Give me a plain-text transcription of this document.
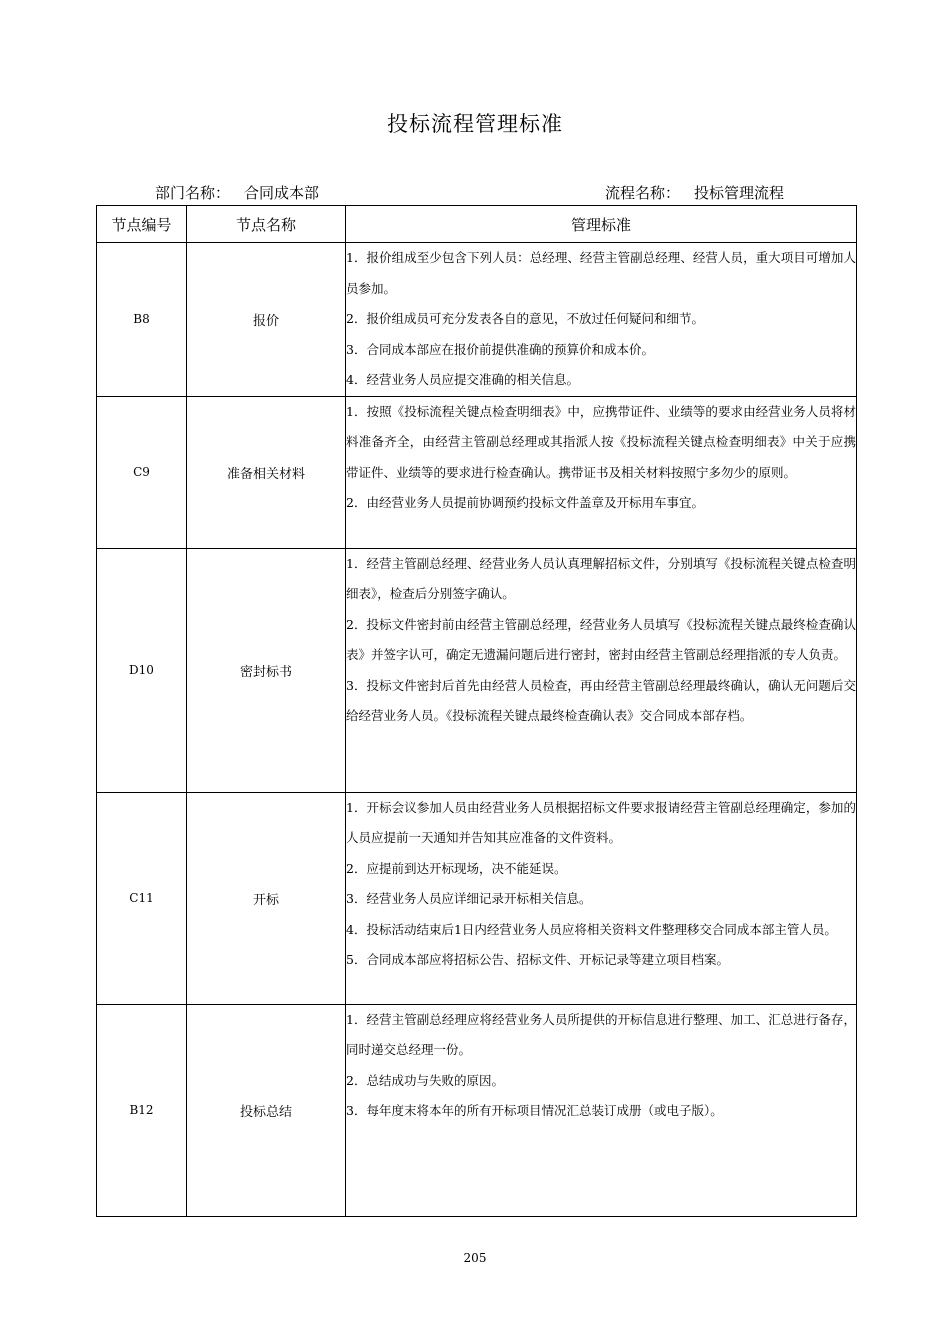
投标流程管理标准
部门名称： 合同成本部	流程名称： 投标管理流程
节点编号	节点名称	管理标准
B8	报价	1．报价组成至少包含下列人员：总经理、经营主管副总经理、经营人员，重大项目可增加人员参加。
2．报价组成员可充分发表各自的意见，不放过任何疑问和细节。
3．合同成本部应在报价前提供准确的预算价和成本价。
4．经营业务人员应提交准确的相关信息。

C9	准备相关材料	1．按照《投标流程关键点检查明细表》中，应携带证件、业绩等的要求由经营业务人员将材料准备齐全，由经营主管副总经理或其指派人按《投标流程关键点检查明细表》中关于应携带证件、业绩等的要求进行检查确认。携带证书及相关材料按照宁多勿少的原则。
2．由经营业务人员提前协调预约投标文件盖章及开标用车事宜。

D10	密封标书	1．经营主管副总经理、经营业务人员认真理解招标文件，分别填写《投标流程关键点检查明细表》，检查后分别签字确认。
2．投标文件密封前由经营主管副总经理，经营业务人员填写《投标流程关键点最终检查确认表》并签字认可，确定无遗漏问题后进行密封，密封由经营主管副总经理指派的专人负责。
3．投标文件密封后首先由经营人员检查，再由经营主管副总经理最终确认，确认无问题后交给经营业务人员。《投标流程关键点最终检查确认表》交合同成本部存档。

C11	开标	1．开标会议参加人员由经营业务人员根据招标文件要求报请经营主管副总经理确定，参加的人员应提前一天通知并告知其应准备的文件资料。
2．应提前到达开标现场，决不能延误。
3．经营业务人员应详细记录开标相关信息。
4．投标活动结束后1日内经营业务人员应将相关资料文件整理移交合同成本部主管人员。
5．合同成本部应将招标公告、招标文件、开标记录等建立项目档案。

B12	投标总结	1．经营主管副总经理应将经营业务人员所提供的开标信息进行整理、加工、汇总进行备存，同时递交总经理一份。
2．总结成功与失败的原因。
3．每年度末将本年的所有开标项目情况汇总装订成册（或电子版）。
205
